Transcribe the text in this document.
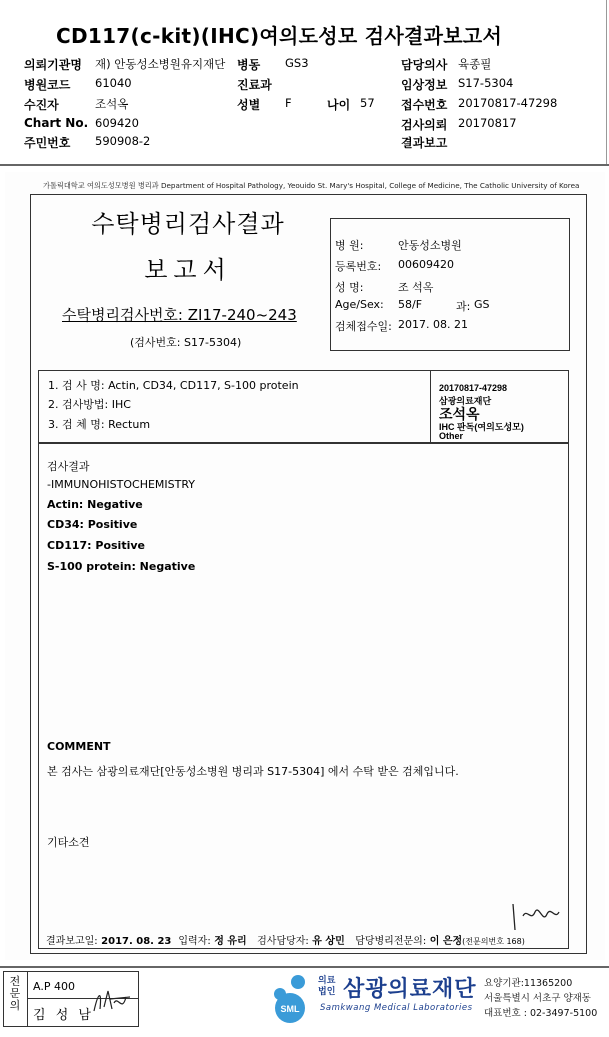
CD117(c-kit)(IHC)여의도성모 검사결과보고서
의뢰기관명 재) 안동성소병원유지재단 병동 GS3	담당의사 육종필
병원코드 61040	진료과	임상정보 S17-5304
수진자	조석옥	성별 F	나이 57 접수번호 20170817-47298
Chart No. 609420	검사의뢰 20170817
주민번호 590908-2	결과보고
가톨릭대학교 여의도성모병원 병리과 Department of Hospital Pathology, Yeouido St. Mary's Hospital, College of Medicine, The Catholic University of Korea
수탁병리검사결과
보고서
수탁병리검사번호: ZI17-240~243
(검사번호: S17-5304)
병 원:	안동성소병원
등록번호: 00609420
성 명:	조 석옥
Age/Sex: 58/F	과: GS
검체접수일: 2017. 08. 21
1. 검 사 명: Actin, CD34, CD117, S-100 protein
2. 검사방법: IHC
3. 검 체 명: Rectum
20170817-47298
삼광의료재단
조석옥
IHC 판독(여의도성모)
Other
검사결과
-IMMUNOHISTOCHEMISTRY
Actin: Negative
CD34: Positive
CD117: Positive
S-100 protein: Negative
COMMENT
본 검사는 삼광의료재단[안동성소병원 병리과 S17-5304] 에서 수탁 받은 검체입니다.
기타소견
결과보고일: 2017. 08. 23 입력자: 정 유리 검사담당자: 유 상민 담당병리전문의: 이 은정(전문의번호 168)
전문의
A.P 400
김 성 남	SML
의료
법인 삼광의료재단
Samkwang Medical Laboratories
요양기관:11365200
서울특별시 서초구 양재동
대표번호 : 02-3497-5100
